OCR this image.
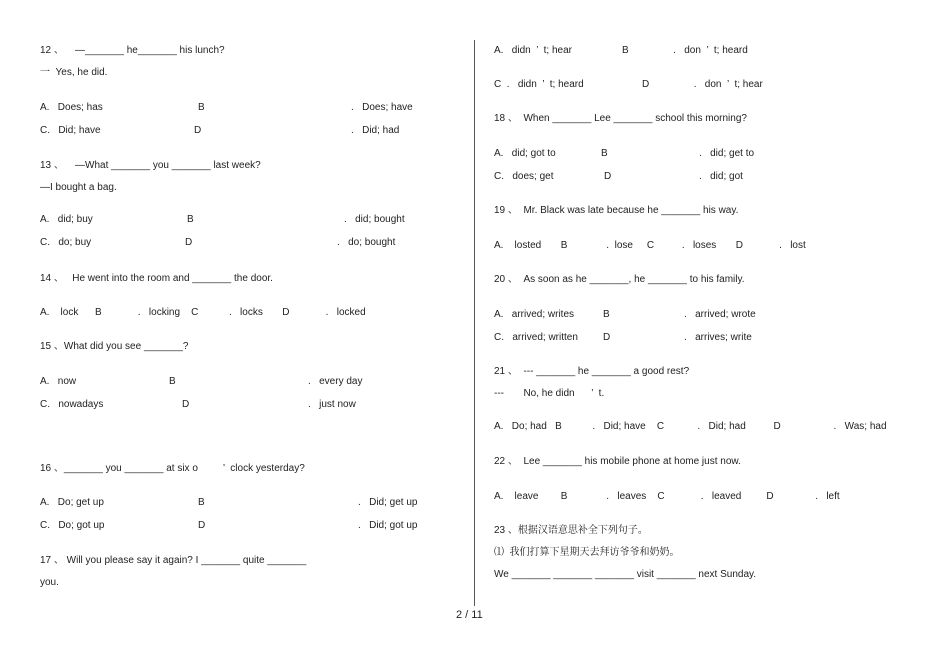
12 、    —_______ he_______ his lunch?
一  Yes, he did.
A.   Does; has	B	.   Does; have
C.   Did; have	D	.   Did; had
13 、    —What _______ you _______ last week?
—I bought a bag.
A.   did; buy	B	.   did; bought
C.   do; buy	D	.   do; bought
14 、   He went into the room and _______ the door.
A.    lock      B             .   locking    C           .   locks       D             .   locked
15 、What did you see _______?
A.   now	B	.   every day
C.   nowadays	D	.   just now
16 、_______ you _______ at six o         ’  clock yesterday?
A.   Do; get up	B	.   Did; get up
C.   Do; got up	D	.   Did; got up
17 、 Will you please say it again? I _______ quite _______
you.
A.   didn  ’  t; hear                  B                .   don  ’  t; heard
C  .   didn  ’  t; heard                     D                .   don  ’  t; hear
18 、  When _______ Lee _______ school this morning?
A.   did; got to	B	.   did; get to
C.   does; get	D	.   did; got
19 、  Mr. Black was late because he _______ his way.
A.    losted       B              .  lose     C          .   loses       D             .   lost
20 、  As soon as he _______, he _______ to his family.
A.   arrived; writes	B	.   arrived; wrote
C.   arrived; written	D	.   arrives; write
21 、  --- _______ he _______ a good rest?
---       No, he didn      ’  t.
A.   Do; had   B           .   Did; have    C            .   Did; had          D                   .   Was; had
22 、  Lee _______ his mobile phone at home just now.
A.    leave        B              .   leaves    C             .   leaved         D               .   left
23 、根据汉语意思补全下列句子。
⑴  我们打算下星期天去拜访爷爷和奶奶。
We _______ _______ _______ visit _______ next Sunday.
2 / 11
